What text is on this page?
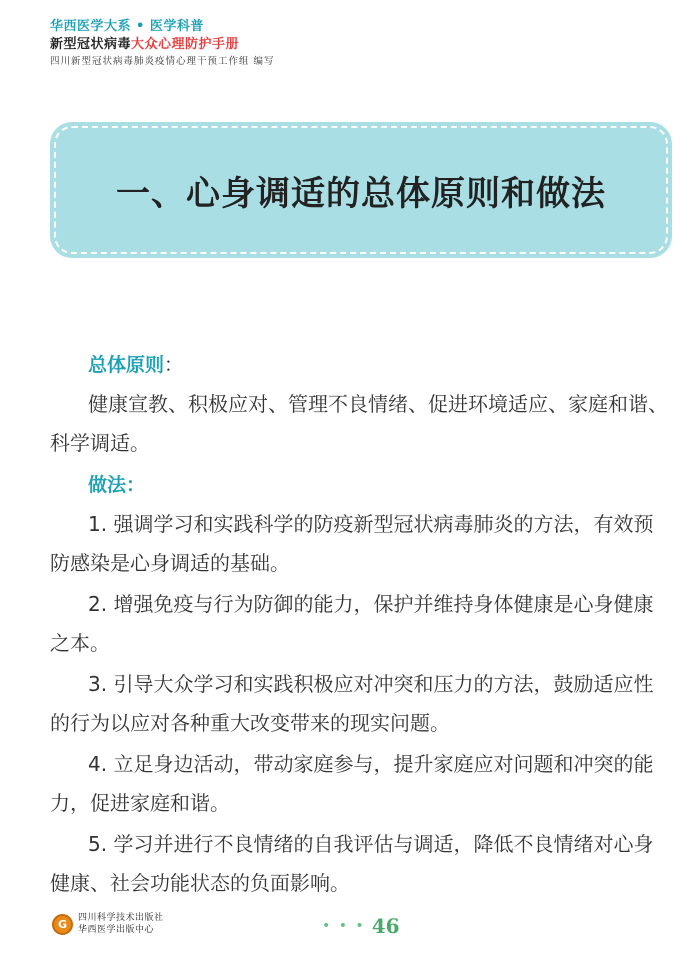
华西医学大系 • 医学科普
新型冠状病毒大众心理防护手册
四川新型冠状病毒肺炎疫情心理干预工作组 编写
一、心身调适的总体原则和做法
总体原则：

健康宣教、积极应对、管理不良情绪、促进环境适应、家庭和谐、科学调适。

做法：

1. 强调学习和实践科学的防疫新型冠状病毒肺炎的方法，有效预防感染是心身调适的基础。

2. 增强免疫与行为防御的能力，保护并维持身体健康是心身健康之本。

3. 引导大众学习和实践积极应对冲突和压力的方法，鼓励适应性的行为以应对各种重大改变带来的现实问题。

4. 立足身边活动，带动家庭参与，提升家庭应对问题和冲突的能力，促进家庭和谐。

5. 学习并进行不良情绪的自我评估与调适，降低不良情绪对心身健康、社会功能状态的负面影响。

G	四川科学技术出版社
华西医学出版中心	• • • 46
